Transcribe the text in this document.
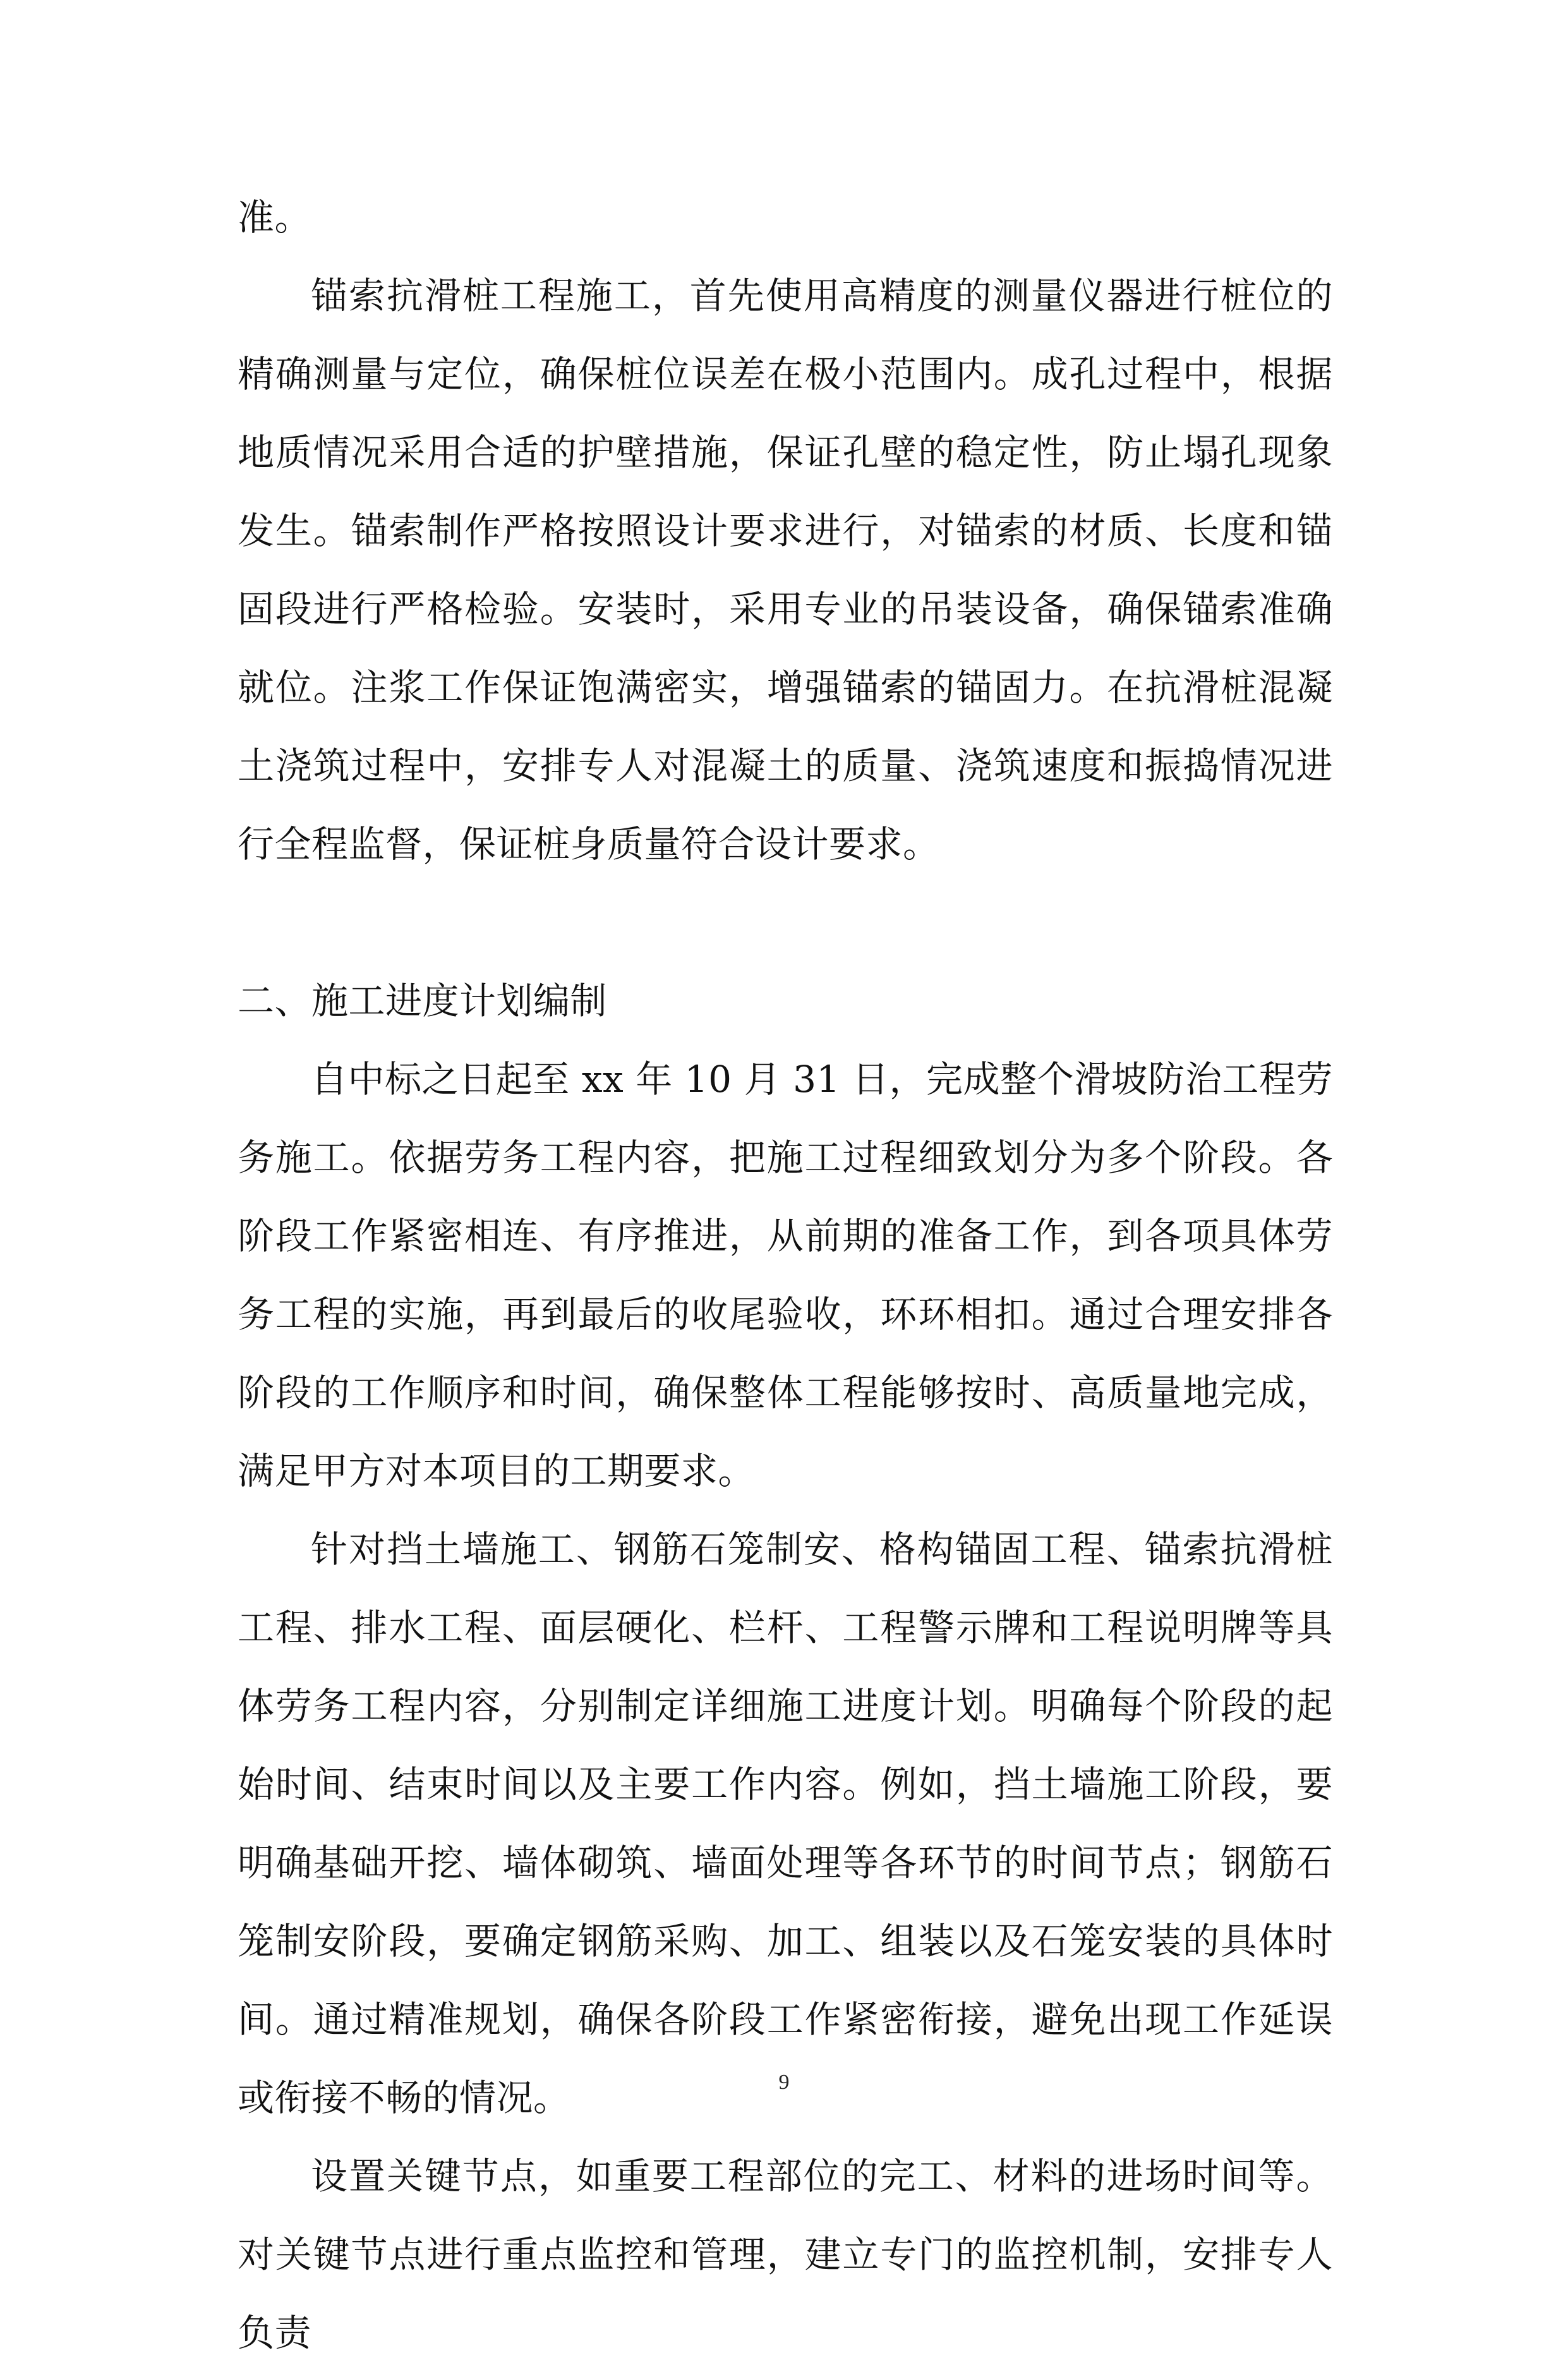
准。

锚索抗滑桩工程施工，首先使用高精度的测量仪器进行桩位的精确测量与定位，确保桩位误差在极小范围内。成孔过程中，根据地质情况采用合适的护壁措施，保证孔壁的稳定性，防止塌孔现象发生。锚索制作严格按照设计要求进行，对锚索的材质、长度和锚固段进行严格检验。安装时，采用专业的吊装设备，确保锚索准确就位。注浆工作保证饱满密实，增强锚索的锚固力。在抗滑桩混凝土浇筑过程中，安排专人对混凝土的质量、浇筑速度和振捣情况进行全程监督，保证桩身质量符合设计要求。

二、施工进度计划编制

自中标之日起至 xx 年 10 月 31 日，完成整个滑坡防治工程劳务施工。依据劳务工程内容，把施工过程细致划分为多个阶段。各阶段工作紧密相连、有序推进，从前期的准备工作，到各项具体劳务工程的实施，再到最后的收尾验收，环环相扣。通过合理安排各阶段的工作顺序和时间，确保整体工程能够按时、高质量地完成，满足甲方对本项目的工期要求。

针对挡土墙施工、钢筋石笼制安、格构锚固工程、锚索抗滑桩工程、排水工程、面层硬化、栏杆、工程警示牌和工程说明牌等具体劳务工程内容，分别制定详细施工进度计划。明确每个阶段的起始时间、结束时间以及主要工作内容。例如，挡土墙施工阶段，要明确基础开挖、墙体砌筑、墙面处理等各环节的时间节点；钢筋石笼制安阶段，要确定钢筋采购、加工、组装以及石笼安装的具体时间。通过精准规划，确保各阶段工作紧密衔接，避免出现工作延误或衔接不畅的情况。

设置关键节点，如重要工程部位的完工、材料的进场时间等。对关键节点进行重点监控和管理，建立专门的监控机制，安排专人负责

9
